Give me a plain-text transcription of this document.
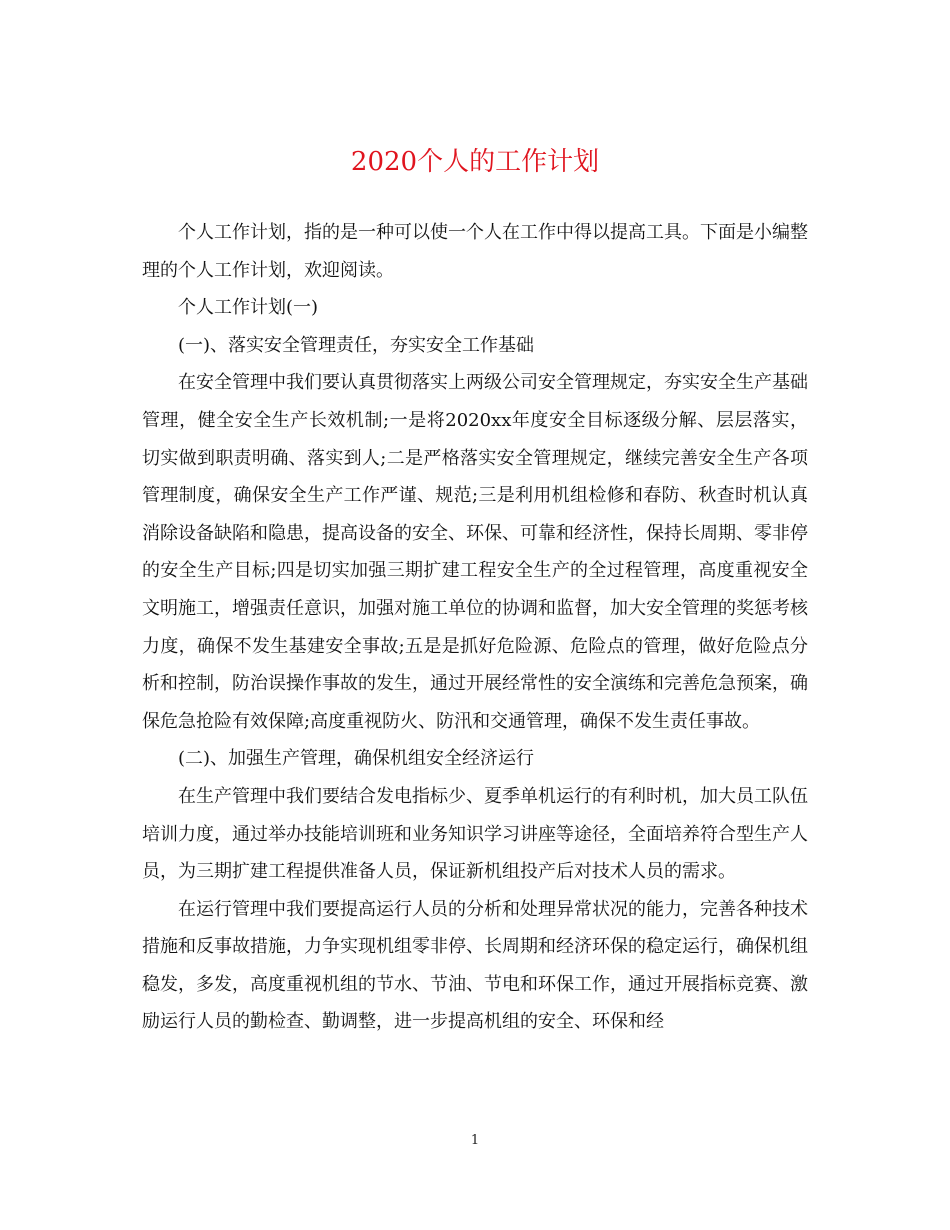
2020个人的工作计划

个人工作计划，指的是一种可以使一个人在工作中得以提高工具。下面是小编整理的个人工作计划，欢迎阅读。

个人工作计划(一)

(一)、落实安全管理责任，夯实安全工作基础

在安全管理中我们要认真贯彻落实上两级公司安全管理规定，夯实安全生产基础管理，健全安全生产长效机制;一是将2020xx年度安全目标逐级分解、层层落实，切实做到职责明确、落实到人;二是严格落实安全管理规定，继续完善安全生产各项管理制度，确保安全生产工作严谨、规范;三是利用机组检修和春防、秋查时机认真消除设备缺陷和隐患，提高设备的安全、环保、可靠和经济性，保持长周期、零非停的安全生产目标;四是切实加强三期扩建工程安全生产的全过程管理，高度重视安全文明施工，增强责任意识，加强对施工单位的协调和监督，加大安全管理的奖惩考核力度，确保不发生基建安全事故;五是是抓好危险源、危险点的管理，做好危险点分析和控制，防治误操作事故的发生，通过开展经常性的安全演练和完善危急预案，确保危急抢险有效保障;高度重视防火、防汛和交通管理，确保不发生责任事故。

(二)、加强生产管理，确保机组安全经济运行

在生产管理中我们要结合发电指标少、夏季单机运行的有利时机，加大员工队伍培训力度，通过举办技能培训班和业务知识学习讲座等途径，全面培养符合型生产人员，为三期扩建工程提供准备人员，保证新机组投产后对技术人员的需求。

在运行管理中我们要提高运行人员的分析和处理异常状况的能力，完善各种技术措施和反事故措施，力争实现机组零非停、长周期和经济环保的稳定运行，确保机组稳发，多发，高度重视机组的节水、节油、节电和环保工作，通过开展指标竞赛、激励运行人员的勤检查、勤调整，进一步提高机组的安全、环保和经

1
